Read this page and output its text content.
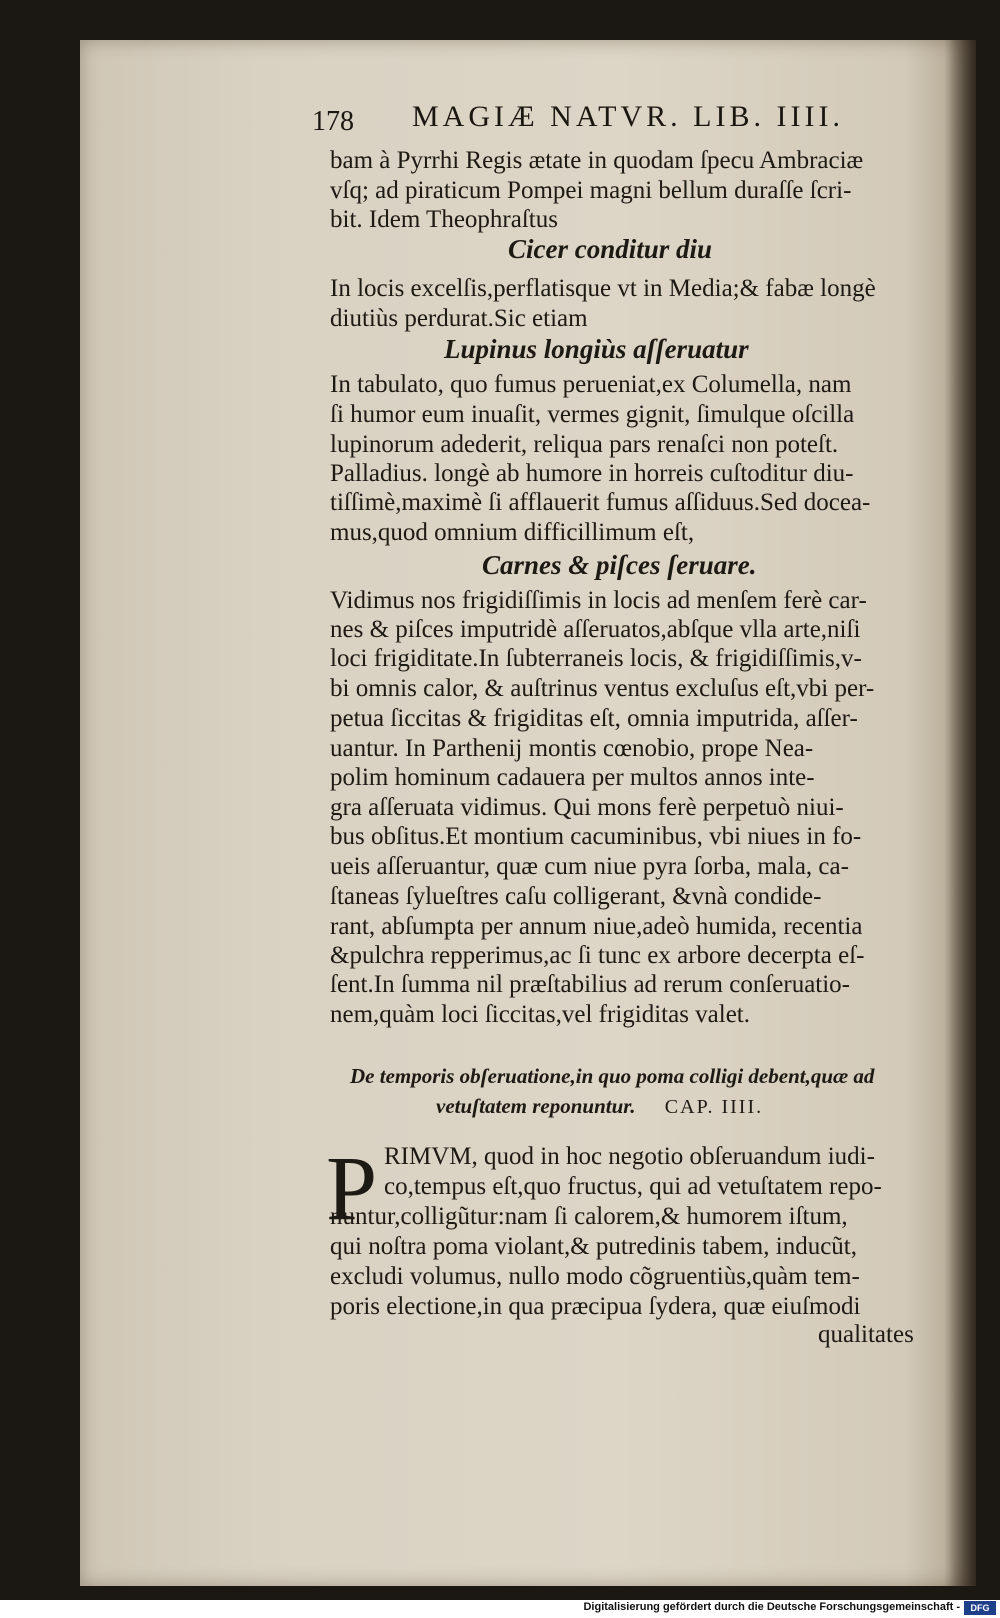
178 MAGIÆ NATVR. LIB. IIII.
bam à Pyrrhi Regis ætate in quodam ſpecu Ambraciæ
vſq; ad piraticum Pompei magni bellum duraſſe ſcri-
bit. Idem Theophraſtus
Cicer conditur diu
In locis excelſis,perflatisque vt in Media;& fabæ longè
diutiùs perdurat.Sic etiam
Lupinus longiùs aſſeruatur
In tabulato, quo fumus perueniat,ex Columella, nam
ſi humor eum inuaſit, vermes gignit, ſimulque oſcilla
lupinorum adederit, reliqua pars renaſci non poteſt.
Palladius. longè ab humore in horreis cuſtoditur diu-
tiſſimè,maximè ſi afflauerit fumus aſſiduus.Sed docea-
mus,quod omnium difficillimum eſt,
Carnes & piſces ſeruare.
Vidimus nos frigidiſſimis in locis ad menſem ferè car-
nes & piſces imputridè aſſeruatos,abſque vlla arte,niſi
loci frigiditate.In ſubterraneis locis, & frigidiſſimis,v-
bi omnis calor, & auſtrinus ventus excluſus eſt,vbi per-
petua ſiccitas & frigiditas eſt, omnia imputrida, aſſer-
uantur. In Parthenij montis cœnobio, prope Nea-
polim hominum cadauera per multos annos inte-
gra aſſeruata vidimus. Qui mons ferè perpetuò niui-
bus obſitus.Et montium cacuminibus, vbi niues in fo-
ueis aſſeruantur, quæ cum niue pyra ſorba, mala, ca-
ſtaneas ſylueſtres caſu colligerant, &vnà condide-
rant, abſumpta per annum niue,adeò humida, recentia
&pulchra repperimus,ac ſi tunc ex arbore decerpta eſ-
ſent.In ſumma nil præſtabilius ad rerum conſeruatio-
nem,quàm loci ſiccitas,vel frigiditas valet.
De temporis obſeruatione,in quo poma colligi debent,quæ ad
vetuſtatem reponuntur. CAP. IIII.
P RIMVM, quod in hoc negotio obſeruandum iudi-
co,tempus eſt,quo fructus, qui ad vetuſtatem repo-
nuntur,colligũtur:nam ſi calorem,& humorem iſtum,
qui noſtra poma violant,& putredinis tabem, inducũt,
excludi volumus, nullo modo cõgruentiùs,quàm tem-
poris electione,in qua præcipua ſydera, quæ eiuſmodi
qualitates
Digitalisierung gefördert durch die Deutsche Forschungsgemeinschaft -	DFG
